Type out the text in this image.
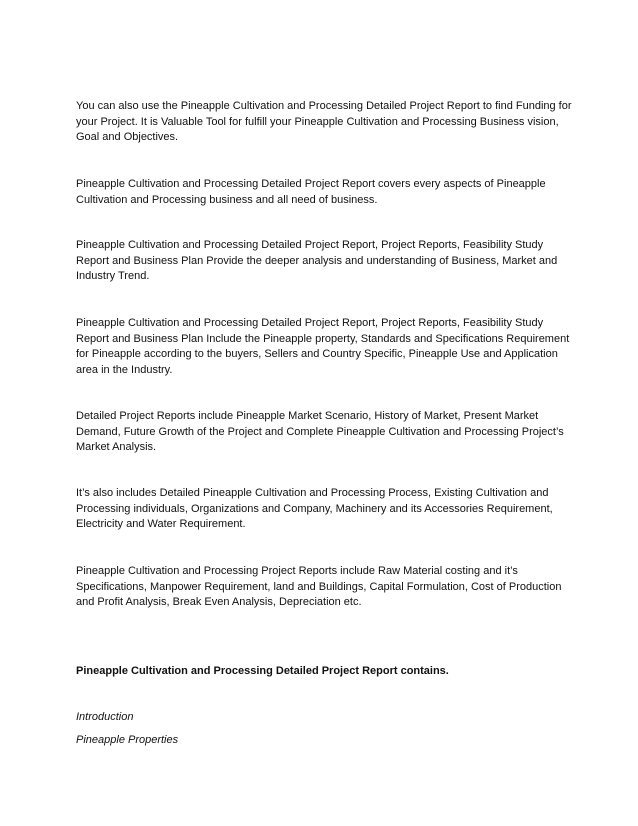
You can also use the Pineapple Cultivation and Processing Detailed Project Report to find Funding for your Project. It is Valuable Tool for fulfill your Pineapple Cultivation and Processing Business vision, Goal and Objectives.

Pineapple Cultivation and Processing Detailed Project Report covers every aspects of Pineapple Cultivation and Processing business and all need of business.

Pineapple Cultivation and Processing Detailed Project Report, Project Reports, Feasibility Study Report and Business Plan Provide the deeper analysis and understanding of Business, Market and Industry Trend.

Pineapple Cultivation and Processing Detailed Project Report, Project Reports, Feasibility Study Report and Business Plan Include the Pineapple property, Standards and Specifications Requirement for Pineapple according to the buyers, Sellers and Country Specific, Pineapple Use and Application area in the Industry.

Detailed Project Reports include Pineapple Market Scenario, History of Market, Present Market Demand, Future Growth of the Project and Complete Pineapple Cultivation and Processing Project’s Market Analysis.

It’s also includes Detailed Pineapple Cultivation and Processing Process, Existing Cultivation and Processing individuals, Organizations and Company, Machinery and its Accessories Requirement, Electricity and Water Requirement.

Pineapple Cultivation and Processing Project Reports include Raw Material costing and it’s Specifications, Manpower Requirement, land and Buildings, Capital Formulation, Cost of Production and Profit Analysis, Break Even Analysis, Depreciation etc.

Pineapple Cultivation and Processing Detailed Project Report contains.

Introduction

Pineapple Properties
